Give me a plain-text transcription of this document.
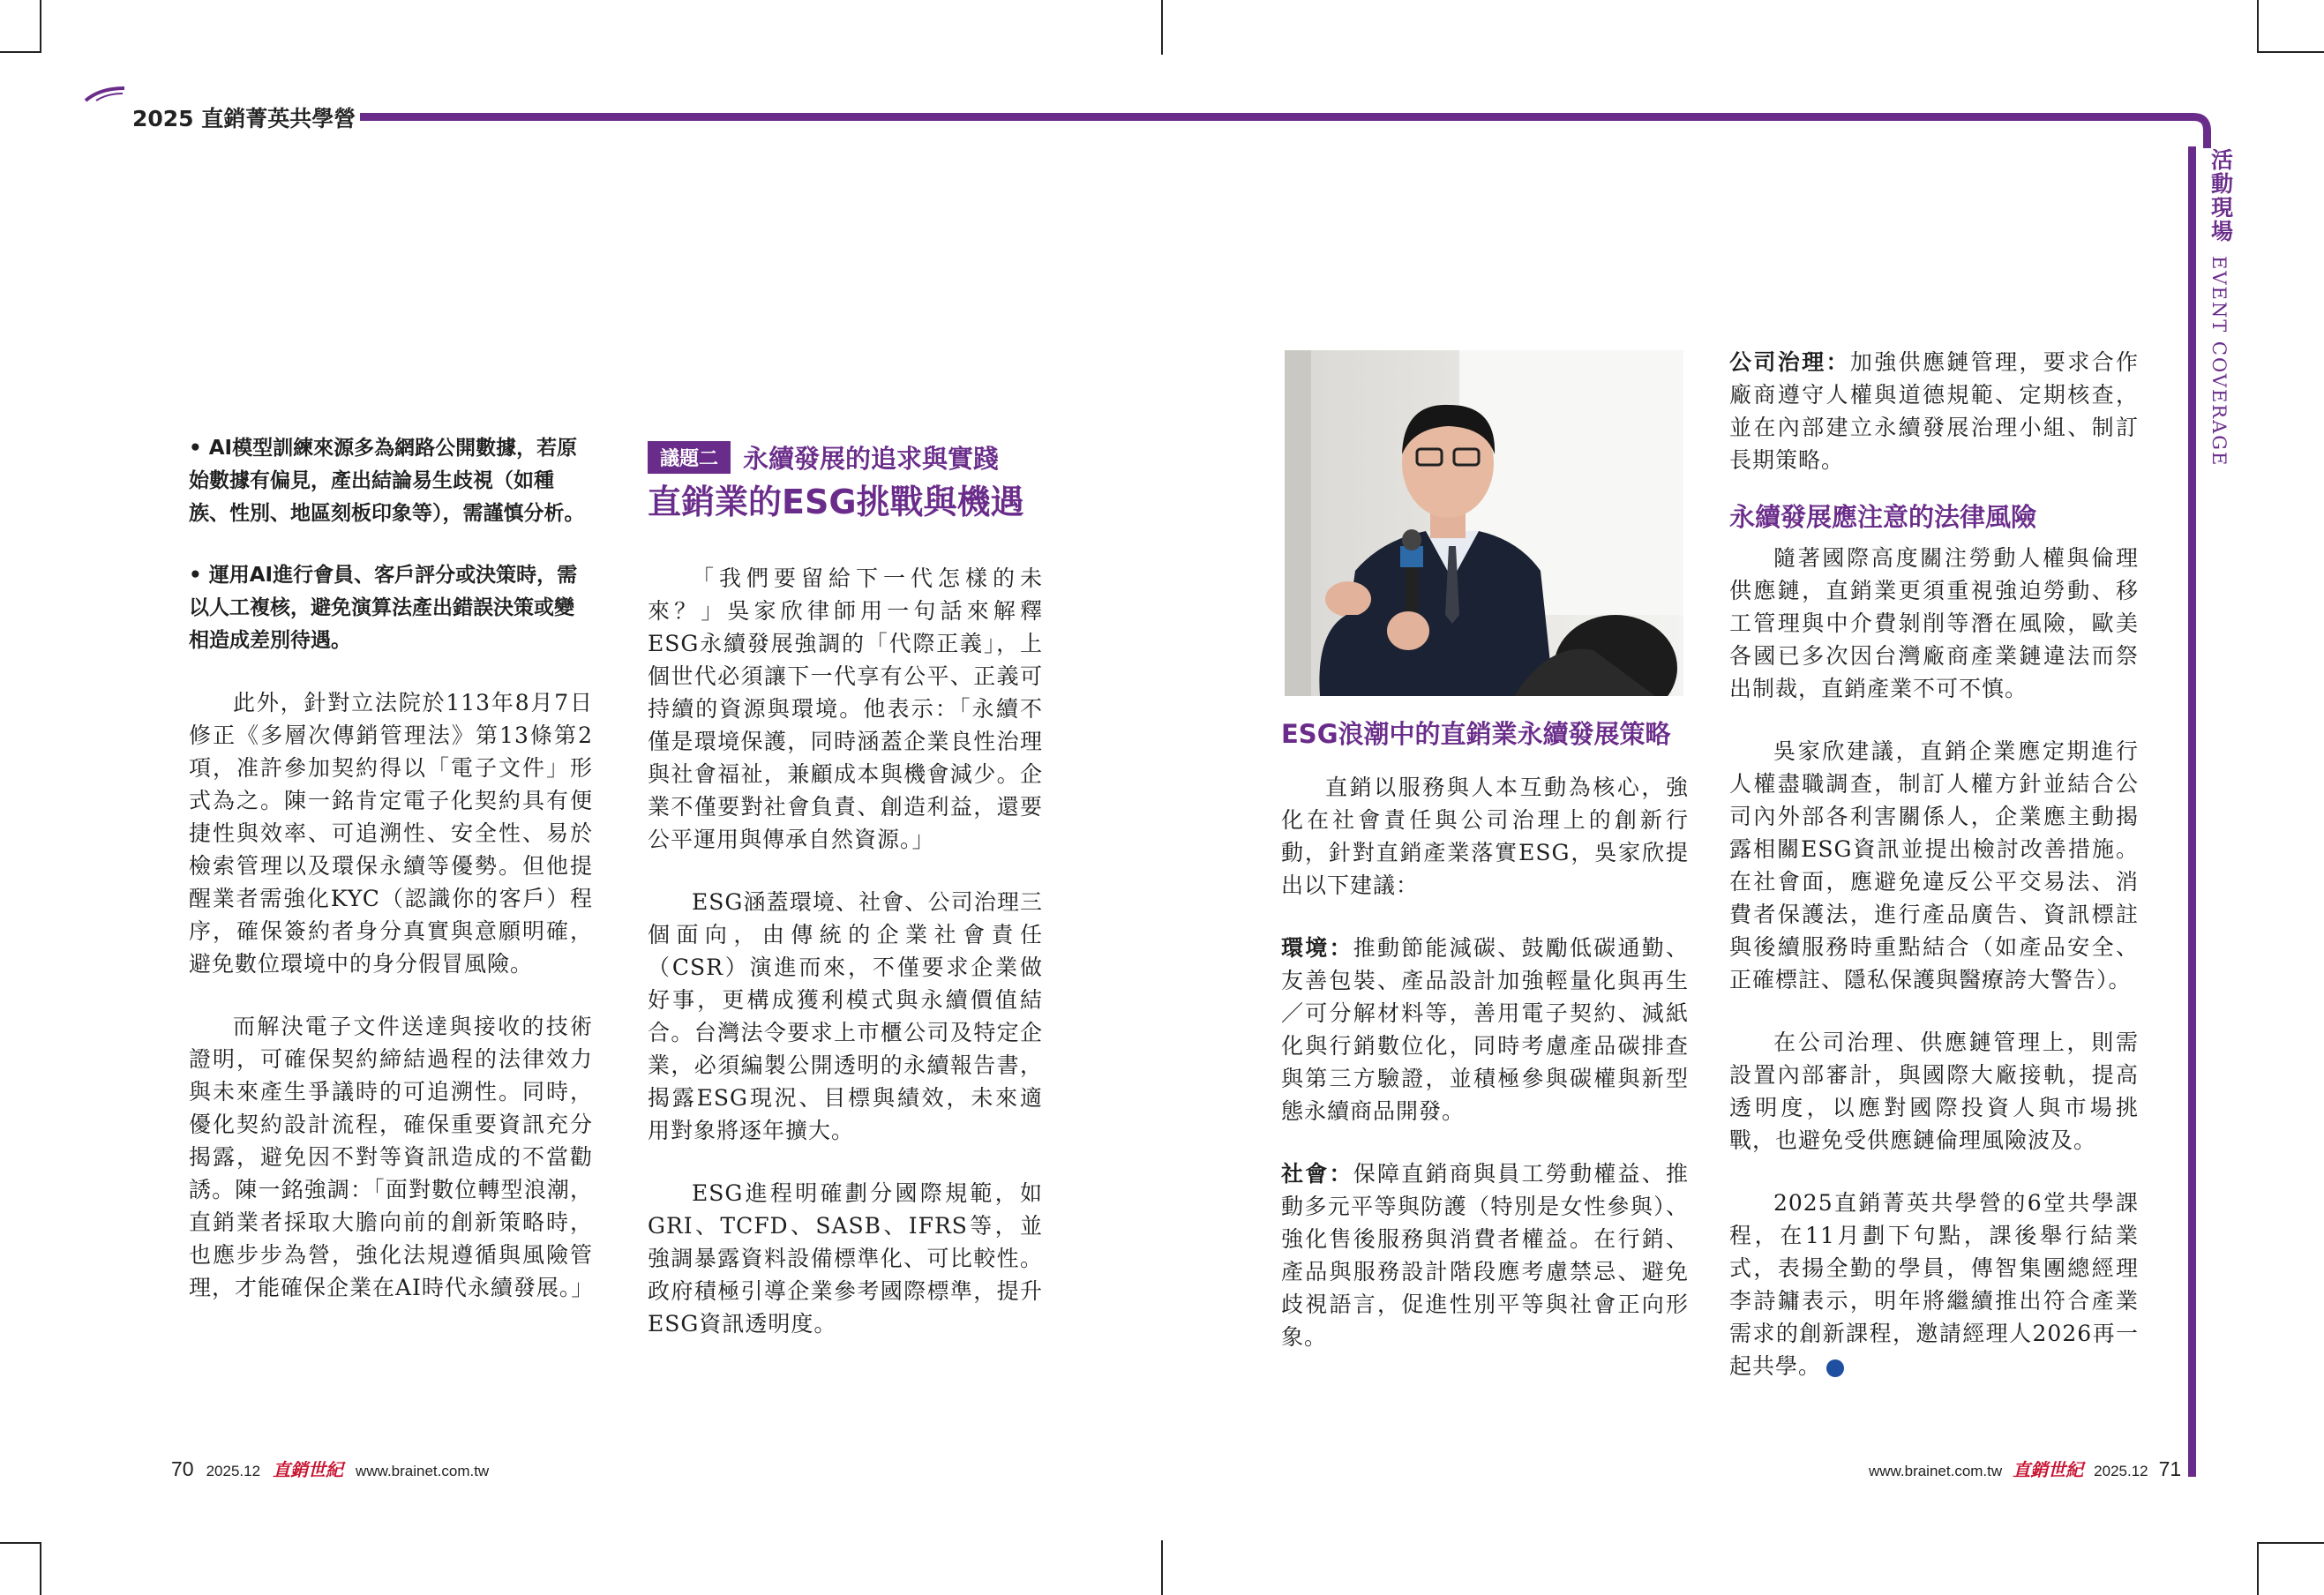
2025 直銷菁英共學營
活動現場
EVENT COVERAGE

• AI模型訓練來源多為網路公開數據，若原始數據有偏見，產出結論易生歧視（如種族、性別、地區刻板印象等），需謹慎分析。

• 運用AI進行會員、客戶評分或決策時，需以人工複核，避免演算法產出錯誤決策或變相造成差別待遇。

此外，針對立法院於113年8月7日修正《多層次傳銷管理法》第13條第2項，准許參加契約得以「電子文件」形式為之。陳一銘肯定電子化契約具有便捷性與效率、可追溯性、安全性、易於檢索管理以及環保永續等優勢。但他提醒業者需強化KYC（認識你的客戶）程序，確保簽約者身分真實與意願明確，避免數位環境中的身分假冒風險。

而解決電子文件送達與接收的技術證明，可確保契約締結過程的法律效力與未來產生爭議時的可追溯性。同時，優化契約設計流程，確保重要資訊充分揭露，避免因不對等資訊造成的不當勸誘。陳一銘強調：「面對數位轉型浪潮，直銷業者採取大膽向前的創新策略時，也應步步為營，強化法規遵循與風險管理，才能確保企業在AI時代永續發展。」

議題二 永續發展的追求與實踐
直銷業的ESG挑戰與機遇

「我們要留給下一代怎樣的未來？」吳家欣律師用一句話來解釋ESG永續發展強調的「代際正義」，上個世代必須讓下一代享有公平、正義可持續的資源與環境。他表示：「永續不僅是環境保護，同時涵蓋企業良性治理與社會福祉，兼顧成本與機會減少。企業不僅要對社會負責、創造利益，還要公平運用與傳承自然資源。」

ESG涵蓋環境、社會、公司治理三個面向，由傳統的企業社會責任（CSR）演進而來，不僅要求企業做好事，更構成獲利模式與永續價值結合。台灣法令要求上市櫃公司及特定企業，必須編製公開透明的永續報告書，揭露ESG現況、目標與績效，未來適用對象將逐年擴大。

ESG進程明確劃分國際規範，如GRI、TCFD、SASB、IFRS等，並強調暴露資料設備標準化、可比較性。政府積極引導企業參考國際標準，提升ESG資訊透明度。

ESG浪潮中的直銷業永續發展策略

直銷以服務與人本互動為核心，強化在社會責任與公司治理上的創新行動，針對直銷產業落實ESG，吳家欣提出以下建議：

環境：推動節能減碳、鼓勵低碳通勤、友善包裝、產品設計加強輕量化與再生／可分解材料等，善用電子契約、減紙化與行銷數位化，同時考慮產品碳排查與第三方驗證，並積極參與碳權與新型態永續商品開發。

社會：保障直銷商與員工勞動權益、推動多元平等與防護（特別是女性參與）、強化售後服務與消費者權益。在行銷、產品與服務設計階段應考慮禁忌、避免歧視語言，促進性別平等與社會正向形象。

公司治理：加強供應鏈管理，要求合作廠商遵守人權與道德規範、定期核查，並在內部建立永續發展治理小組、制訂長期策略。

永續發展應注意的法律風險

隨著國際高度關注勞動人權與倫理供應鏈，直銷業更須重視強迫勞動、移工管理與中介費剝削等潛在風險，歐美各國已多次因台灣廠商產業鏈違法而祭出制裁，直銷產業不可不慎。

吳家欣建議，直銷企業應定期進行人權盡職調查，制訂人權方針並結合公司內外部各利害關係人，企業應主動揭露相關ESG資訊並提出檢討改善措施。在社會面，應避免違反公平交易法、消費者保護法，進行產品廣告、資訊標註與後續服務時重點結合（如產品安全、正確標註、隱私保護與醫療誇大警告）。

在公司治理、供應鏈管理上，則需設置內部審計，與國際大廠接軌，提高透明度，以應對國際投資人與市場挑戰，也避免受供應鏈倫理風險波及。

2025直銷菁英共學營的6堂共學課程，在11月劃下句點，課後舉行結業式，表揚全勤的學員，傳智集團總經理李詩鏞表示，明年將繼續推出符合產業需求的創新課程，邀請經理人2026再一起共學。

70 2025.12 直銷世紀 www.brainet.com.tw	www.brainet.com.tw 直銷世紀 2025.12 71
